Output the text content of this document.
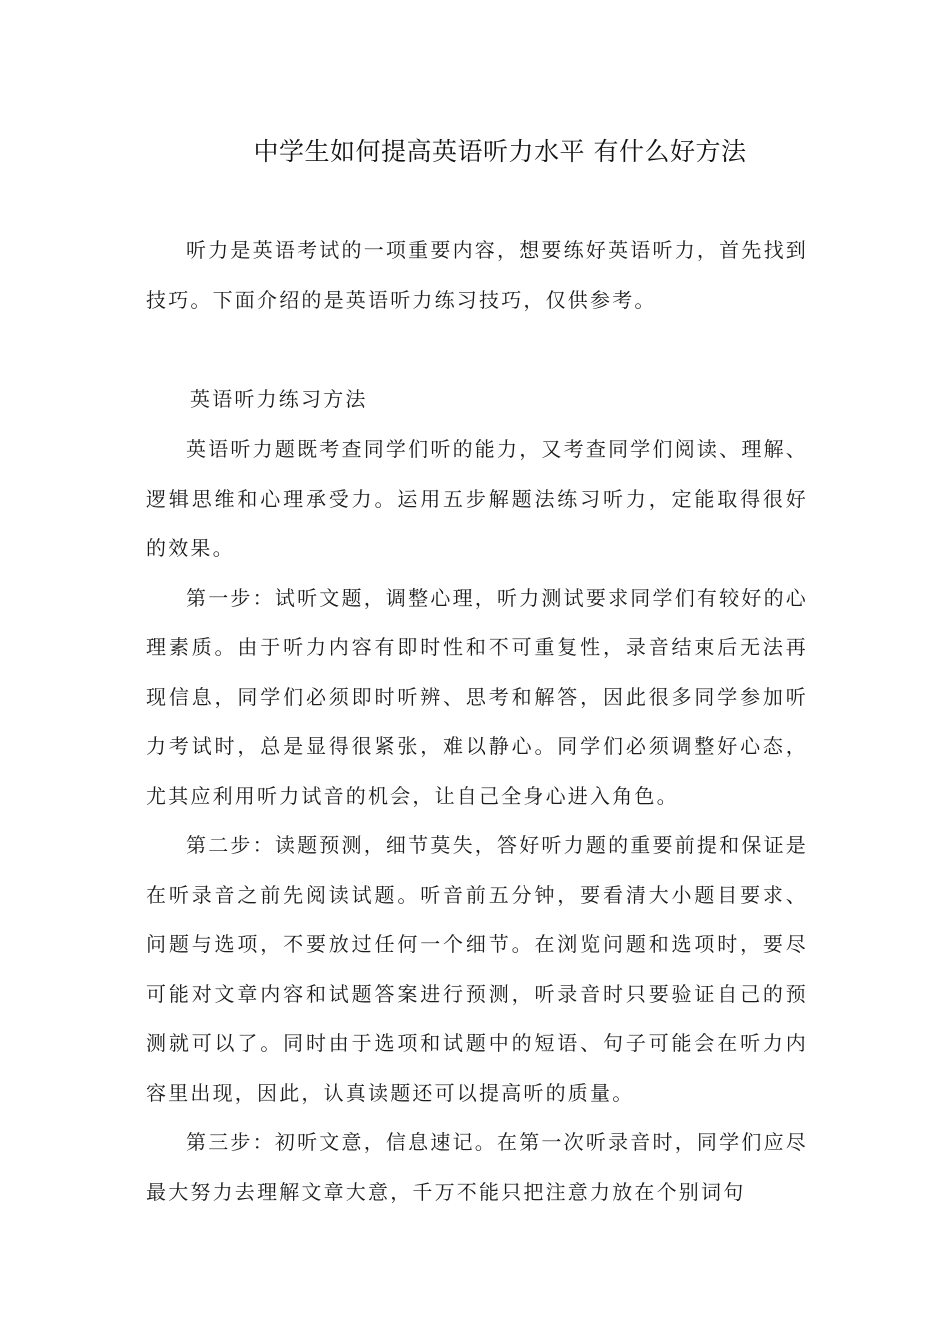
中学生如何提高英语听力水平 有什么好方法

听力是英语考试的一项重要内容，想要练好英语听力，首先找到技巧。下面介绍的是英语听力练习技巧，仅供参考。

英语听力练习方法

英语听力题既考查同学们听的能力，又考查同学们阅读、理解、逻辑思维和心理承受力。运用五步解题法练习听力，定能取得很好的效果。

第一步：试听文题，调整心理，听力测试要求同学们有较好的心理素质。由于听力内容有即时性和不可重复性，录音结束后无法再现信息，同学们必须即时听辨、思考和解答，因此很多同学参加听力考试时，总是显得很紧张，难以静心。同学们必须调整好心态，尤其应利用听力试音的机会，让自己全身心进入角色。

第二步：读题预测，细节莫失，答好听力题的重要前提和保证是在听录音之前先阅读试题。听音前五分钟，要看清大小题目要求、问题与选项，不要放过任何一个细节。在浏览问题和选项时，要尽可能对文章内容和试题答案进行预测，听录音时只要验证自己的预测就可以了。同时由于选项和试题中的短语、句子可能会在听力内容里出现，因此，认真读题还可以提高听的质量。

第三步：初听文意，信息速记。在第一次听录音时，同学们应尽最大努力去理解文章大意，千万不能只把注意力放在个别词句
